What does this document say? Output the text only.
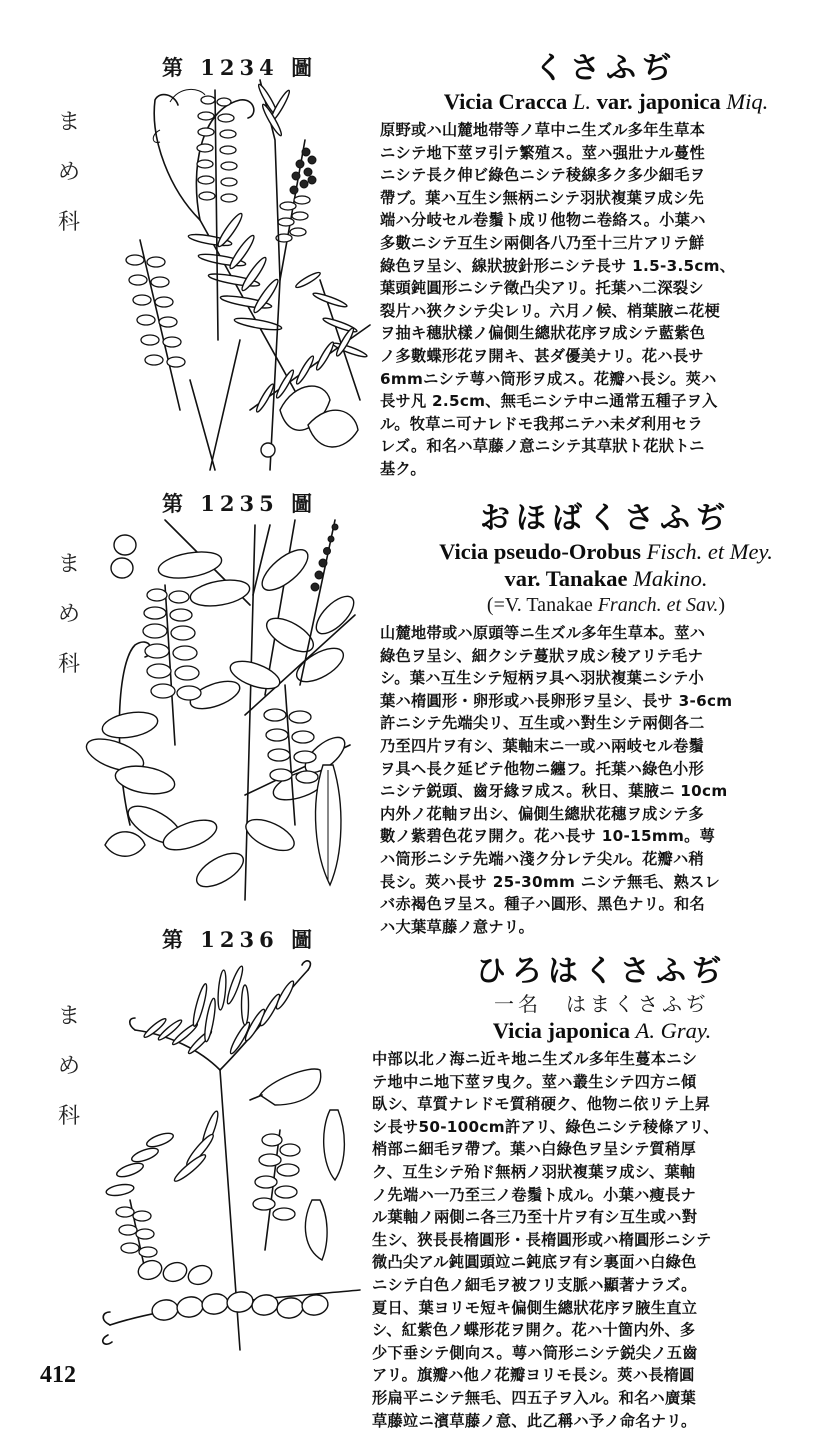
第 1234 圖
ま
め
科
くさふぢ
Vicia Cracca L. var. japonica Miq.
原野或ハ山麓地帯等ノ草中ニ生ズル多年生草本
ニシテ地下莖ヲ引テ繁殖ス。莖ハ强壯ナル蔓性
ニシテ長ク伸ビ綠色ニシテ稜線多ク多少細毛ヲ
帶ブ。葉ハ互生シ無柄ニシテ羽狀複葉ヲ成シ先
端ハ分岐セル卷鬚ト成リ他物ニ卷絡ス。小葉ハ
多數ニシテ互生シ兩側各八乃至十三片アリテ鮮
綠色ヲ呈シ、線狀披針形ニシテ長サ 1.5-3.5cm、
葉頭鈍圓形ニシテ徵凸尖アリ。托葉ハ二深裂シ
裂片ハ狹クシテ尖レリ。六月ノ候、梢葉腋ニ花梗
ヲ抽キ穗狀樣ノ偏側生總狀花序ヲ成シテ藍紫色
ノ多數蝶形花ヲ開キ、甚ダ優美ナリ。花ハ長サ
6mmニシテ萼ハ筒形ヲ成ス。花瓣ハ長シ。莢ハ
長サ凡 2.5cm、無毛ニシテ中ニ通常五種子ヲ入
ル。牧草ニ可ナレドモ我邦ニテハ未ダ利用セラ
レズ。和名ハ草藤ノ意ニシテ其草狀ト花狀トニ
基ク。
第 1235 圖
ま
め
科
おほばくさふぢ
Vicia pseudo-Orobus Fisch. et Mey.
var. Tanakae Makino.
(=V. Tanakae Franch. et Sav.)
山麓地帯或ハ原頭等ニ生ズル多年生草本。莖ハ
綠色ヲ呈シ、細クシテ蔓狀ヲ成シ稜アリテ毛ナ
シ。葉ハ互生シテ短柄ヲ具ヘ羽狀複葉ニシテ小
葉ハ楕圓形・卵形或ハ長卵形ヲ呈シ、長サ 3-6cm
許ニシテ先端尖リ、互生或ハ對生シテ兩側各二
乃至四片ヲ有シ、葉軸末ニ一或ハ兩岐セル卷鬚
ヲ具ヘ長ク延ビテ他物ニ纏フ。托葉ハ綠色小形
ニシテ鋭頭、齒牙緣ヲ成ス。秋日、葉腋ニ 10cm
内外ノ花軸ヲ出シ、偏側生總狀花穗ヲ成シテ多
數ノ紫碧色花ヲ開ク。花ハ長サ 10-15mm。萼
ハ筒形ニシテ先端ハ淺ク分レテ尖ル。花瓣ハ稍
長シ。莢ハ長サ 25-30mm ニシテ無毛、熟スレ
バ赤褐色ヲ呈ス。種子ハ圓形、黑色ナリ。和名
ハ大葉草藤ノ意ナリ。
第 1236 圖
ま
め
科
ひろはくさふぢ
一名　はまくさふぢ
Vicia japonica A. Gray.
中部以北ノ海ニ近キ地ニ生ズル多年生蔓本ニシ
テ地中ニ地下莖ヲ曳ク。莖ハ叢生シテ四方ニ傾
臥シ、草質ナレドモ質稍硬ク、他物ニ依リテ上昇
シ長サ50-100cm許アリ、綠色ニシテ稜條アリ、
梢部ニ細毛ヲ帶ブ。葉ハ白綠色ヲ呈シテ質稍厚
ク、互生シテ殆ド無柄ノ羽狀複葉ヲ成シ、葉軸
ノ先端ハ一乃至三ノ卷鬚ト成ル。小葉ハ瘦長ナ
ル葉軸ノ兩側ニ各三乃至十片ヲ有シ互生或ハ對
生シ、狹長長楕圓形・長楕圓形或ハ楕圓形ニシテ
微凸尖アル鈍圓頭竝ニ鈍底ヲ有シ裏面ハ白綠色
ニシテ白色ノ細毛ヲ被フリ支脈ハ顯著ナラズ。
夏日、葉ヨリモ短キ偏側生總狀花序ヲ腋生直立
シ、紅紫色ノ蝶形花ヲ開ク。花ハ十箇内外、多
少下垂シテ側向ス。萼ハ筒形ニシテ鋭尖ノ五齒
アリ。旗瓣ハ他ノ花瓣ヨリモ長シ。莢ハ長楕圓
形扁平ニシテ無毛、四五子ヲ入ル。和名ハ廣葉
草藤竝ニ濱草藤ノ意、此乙稱ハ予ノ命名ナリ。
412
